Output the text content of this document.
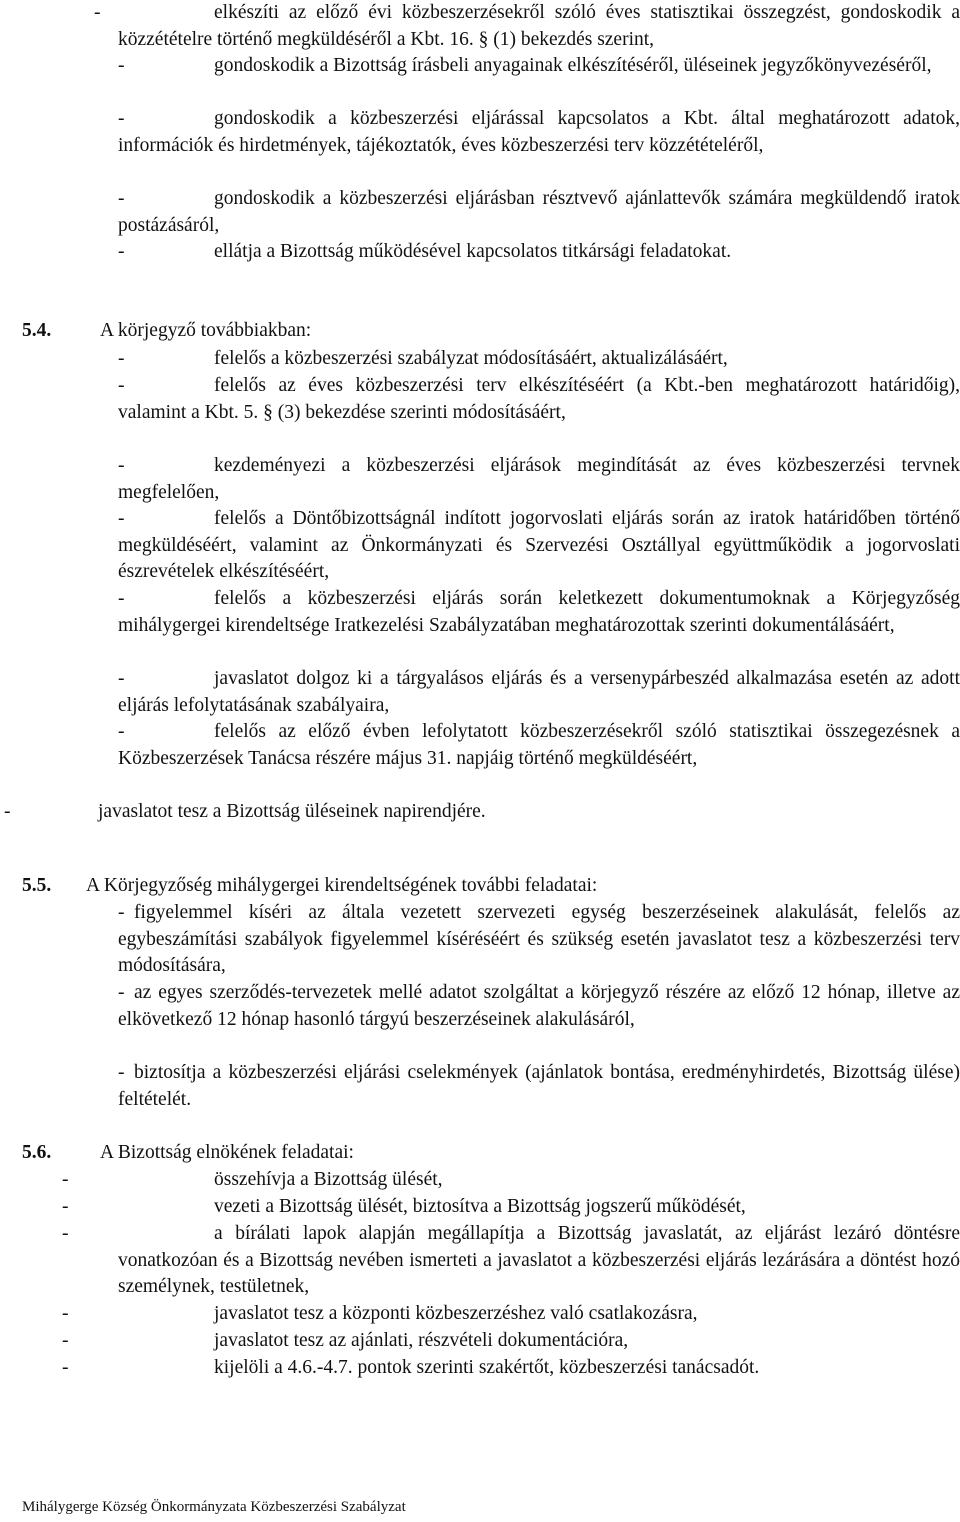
-	elkészíti az előző évi közbeszerzésekről szóló éves statisztikai összegzést, gondoskodik a közzétételre történő megküldéséről a Kbt. 16. § (1) bekezdés szerint,
-	gondoskodik a Bizottság írásbeli anyagainak elkészítéséről, üléseinek jegyzőkönyvezéséről,
-	gondoskodik a közbeszerzési eljárással kapcsolatos a Kbt. által meghatározott adatok, információk és hirdetmények, tájékoztatók, éves közbeszerzési terv közzétételéről,
-	gondoskodik a közbeszerzési eljárásban résztvevő ajánlattevők számára megküldendő iratok postázásáról,
-	ellátja a Bizottság működésével kapcsolatos titkársági feladatokat.
5.4.	A körjegyző továbbiakban:
-	felelős a közbeszerzési szabályzat módosításáért, aktualizálásáért,
-	felelős az éves közbeszerzési terv elkészítéséért (a Kbt.-ben meghatározott határidőig), valamint a Kbt. 5. § (3) bekezdése szerinti módosításáért,
-	kezdeményezi a közbeszerzési eljárások megindítását az éves közbeszerzési tervnek megfelelően,
-	felelős a Döntőbizottságnál indított jogorvoslati eljárás során az iratok határidőben történő megküldéséért, valamint az Önkormányzati és Szervezési Osztállyal együttműködik a jogorvoslati észrevételek elkészítéséért,
-	felelős a közbeszerzési eljárás során keletkezett dokumentumoknak a Körjegyzőség mihálygergei kirendeltsége Iratkezelési Szabályzatában meghatározottak szerinti dokumentálásáért,
-	javaslatot dolgoz ki a tárgyalásos eljárás és a versenypárbeszéd alkalmazása esetén az adott eljárás lefolytatásának szabályaira,
-	felelős az előző évben lefolytatott közbeszerzésekről szóló statisztikai összegezésnek a Közbeszerzések Tanácsa részére május 31. napjáig történő megküldéséért,
-	javaslatot tesz a Bizottság üléseinek napirendjére.
5.5. A Körjegyzőség mihálygergei kirendeltségének további feladatai:
- figyelemmel kíséri az általa vezetett szervezeti egység beszerzéseinek alakulását, felelős az egybeszámítási szabályok figyelemmel kíséréséért és szükség esetén javaslatot tesz a közbeszerzési terv módosítására,
- az egyes szerződés-tervezetek mellé adatot szolgáltat a körjegyző részére az előző 12 hónap, illetve az elkövetkező 12 hónap hasonló tárgyú beszerzéseinek alakulásáról,
- biztosítja a közbeszerzési eljárási cselekmények (ajánlatok bontása, eredményhirdetés, Bizottság ülése) feltételét.
5.6.	A Bizottság elnökének feladatai:
-	összehívja a Bizottság ülését,
-	vezeti a Bizottság ülését, biztosítva a Bizottság jogszerű működését,
-	a bírálati lapok alapján megállapítja a Bizottság javaslatát, az eljárást lezáró döntésre vonatkozóan és a Bizottság nevében ismerteti a javaslatot a közbeszerzési eljárás lezárására a döntést hozó személynek, testületnek,
-	javaslatot tesz a központi közbeszerzéshez való csatlakozásra,
-	javaslatot tesz az ajánlati, részvételi dokumentációra,
-	kijelöli a 4.6.-4.7. pontok szerinti szakértőt, közbeszerzési tanácsadót.
Mihálygerge Község Önkormányzata Közbeszerzési Szabályzat
